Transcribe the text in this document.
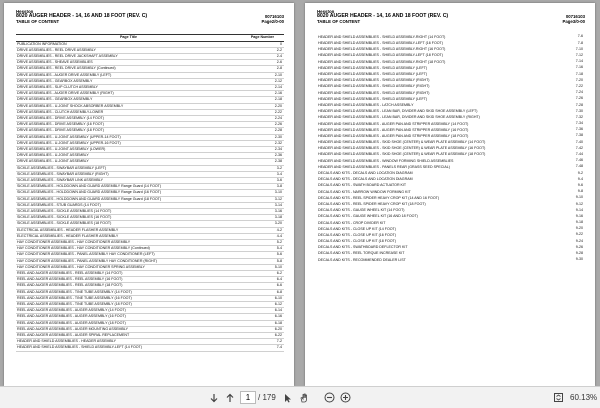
Hesston
8020 AUGER HEADER - 14, 16 AND 18 FOOT (REV. C)	00716103
TABLE OF CONTENT	Page2/0-00
Page Title	Page Number
PUBLICATION INFORMATION	0
DRIVE ASSEMBLIES - REEL DRIVE ASSEMBLY	2-2
DRIVE ASSEMBLIES - REEL DRIVE JACKSHAFT ASSEMBLY	2-4
DRIVE ASSEMBLIES - SHEAVE ASSEMBLIES	2-6
DRIVE ASSEMBLIES - REEL DRIVE ASSEMBLY (Continued)	2-8
DRIVE ASSEMBLIES - AUGER DRIVE ASSEMBLY (LEFT)	2-10
DRIVE ASSEMBLIES - GEARBOX ASSEMBLY	2-12
DRIVE ASSEMBLIES - SLIP CLUTCH ASSEMBLY	2-14
DRIVE ASSEMBLIES - AUGER DRIVE ASSEMBLY (RIGHT)	2-16
DRIVE ASSEMBLIES - GEARBOX ASSEMBLY	2-18
DRIVE ASSEMBLIES - U-JOINT SHOCK ABSORBER ASSEMBLY	2-20
DRIVE ASSEMBLIES - CLUTCH ASSEMBLY-LOWER	2-22
DRIVE ASSEMBLIES - DRIVE ASSEMBLY (14 FOOT)	2-24
DRIVE ASSEMBLIES - DRIVE ASSEMBLY (16 FOOT)	2-26
DRIVE ASSEMBLIES - DRIVE ASSEMBLY (18 FOOT)	2-28
DRIVE ASSEMBLIES - U-JOINT ASSEMBLY (UPPER-14 FOOT)	2-30
DRIVE ASSEMBLIES - U-JOINT ASSEMBLY (UPPER-16 FOOT)	2-32
DRIVE ASSEMBLIES - U-JOINT ASSEMBLY (LOWER)	2-34
DRIVE ASSEMBLIES - U-JOINT ASSEMBLY	2-36
DRIVE ASSEMBLIES - U-JOINT ASSEMBLY	2-38
SICKLE ASSEMBLIES - SWAYBAR ASSEMBLY (LEFT)	3-2
SICKLE ASSEMBLIES - SWAYBAR ASSEMBLY (RIGHT)	3-4
SICKLE ASSEMBLIES - SWAYBAR LINK ASSEMBLY	3-6
SICKLE ASSEMBLIES - HOLDDOWN AND GUARD ASSEMBLY Range Guard (14 FOOT)	3-8
SICKLE ASSEMBLIES - HOLDDOWN AND GUARD ASSEMBLY Range Guard (16 FOOT)	3-10
SICKLE ASSEMBLIES - HOLDDOWN AND GUARD ASSEMBLY Range Guard (18 FOOT)	3-12
SICKLE ASSEMBLIES - STUB GUARDS (14 FOOT)	3-14
SICKLE ASSEMBLIES - SICKLE ASSEMBLIES (14 FOOT)	3-16
SICKLE ASSEMBLIES - SICKLE ASSEMBLIES (16 FOOT)	3-18
SICKLE ASSEMBLIES - SICKLE ASSEMBLIES (18 FOOT)	3-20
ELECTRICAL ASSEMBLIES - HEADER FLASHER ASSEMBLY	4-2
ELECTRICAL ASSEMBLIES - HEADER FLASHER ASSEMBLY	4-4
HAY CONDITIONER ASSEMBLIES - HAY CONDITIONER ASSEMBLY	5-2
HAY CONDITIONER ASSEMBLIES - HAY CONDITIONER ASSEMBLY (Continued)	5-4
HAY CONDITIONER ASSEMBLIES - PANEL ASSEMBLY HAY CONDITIONER (LEFT)	5-6
HAY CONDITIONER ASSEMBLIES - PANEL ASSEMBLY HAY CONDITIONER (RIGHT)	5-8
HAY CONDITIONER ASSEMBLIES - HAY CONDITIONER SPRING ASSEMBLY	5-10
REEL AND AUGER ASSEMBLIES - REEL ASSEMBLY (14 FOOT)	6-2
REEL AND AUGER ASSEMBLIES - REEL ASSEMBLY (16 FOOT)	6-4
REEL AND AUGER ASSEMBLIES - REEL ASSEMBLY (18 FOOT)	6-6
REEL AND AUGER ASSEMBLIES - TINE TUBE ASSEMBLY (14 FOOT)	6-8
REEL AND AUGER ASSEMBLIES - TINE TUBE ASSEMBLY (16 FOOT)	6-10
REEL AND AUGER ASSEMBLIES - TINE TUBE ASSEMBLY (18 FOOT)	6-12
REEL AND AUGER ASSEMBLIES - AUGER ASSEMBLY (14 FOOT)	6-14
REEL AND AUGER ASSEMBLIES - AUGER ASSEMBLY (16 FOOT)	6-16
REEL AND AUGER ASSEMBLIES - AUGER ASSEMBLY (18 FOOT)	6-18
REEL AND AUGER ASSEMBLIES - AUGER MOUNTING ASSEMBLY	6-20
REEL AND AUGER ASSEMBLIES - AUGER SPIRAL REPLACEMENT	6-22
HEADER AND SHIELD ASSEMBLIES - HEADER ASSEMBLY	7-2
HEADER AND SHIELD ASSEMBLIES - SHIELD ASSEMBLY-LEFT (14 FOOT)	7-4
Hesston
8020 AUGER HEADER - 14, 16 AND 18 FOOT (REV. C)	00716103
TABLE OF CONTENT	Page3/0-00
HEADER AND SHIELD ASSEMBLIES - SHIELD ASSEMBLY-RIGHT (14 FOOT)	7-6
HEADER AND SHIELD ASSEMBLIES - SHIELD ASSEMBLY-LEFT (16 FOOT)	7-8
HEADER AND SHIELD ASSEMBLIES - SHIELD ASSEMBLY-RIGHT (16 FOOT)	7-10
HEADER AND SHIELD ASSEMBLIES - SHIELD ASSEMBLY-LEFT (18 FOOT)	7-12
HEADER AND SHIELD ASSEMBLIES - SHIELD ASSEMBLY-RIGHT (18 FOOT)	7-14
HEADER AND SHIELD ASSEMBLIES - SHIELD ASSEMBLY (LEFT)	7-16
HEADER AND SHIELD ASSEMBLIES - SHIELD ASSEMBLY (LEFT)	7-18
HEADER AND SHIELD ASSEMBLIES - SHIELD ASSEMBLY (RIGHT)	7-20
HEADER AND SHIELD ASSEMBLIES - SHIELD ASSEMBLY (RIGHT)	7-22
HEADER AND SHIELD ASSEMBLIES - SHIELD ASSEMBLY (RIGHT)	7-24
HEADER AND SHIELD ASSEMBLIES - SHIELD ASSEMBLY (LEFT)	7-26
HEADER AND SHIELD ASSEMBLIES - LATCH ASSEMBLY	7-28
HEADER AND SHIELD ASSEMBLIES - LEAN BAR, DIVIDER AND SKID SHOE ASSEMBLY (LEFT)	7-30
HEADER AND SHIELD ASSEMBLIES - LEAN BAR, DIVIDER AND SKID SHOE ASSEMBLY (RIGHT)	7-32
HEADER AND SHIELD ASSEMBLIES - AUGER PAN AND STRIPPER ASSEMBLY (14 FOOT)	7-34
HEADER AND SHIELD ASSEMBLIES - AUGER PAN AND STRIPPER ASSEMBLY (16 FOOT)	7-36
HEADER AND SHIELD ASSEMBLIES - AUGER PAN AND STRIPPER ASSEMBLY (18 FOOT)	7-38
HEADER AND SHIELD ASSEMBLIES - SKID SHOE (CENTER) & WEAR PLATE ASSEMBLY (14 FOOT)	7-40
HEADER AND SHIELD ASSEMBLIES - SKID SHOE (CENTER) & WEAR PLATE ASSEMBLY (16 FOOT)	7-42
HEADER AND SHIELD ASSEMBLIES - SKID SHOE (CENTER) & WEAR PLATE ASSEMBLY (18 FOOT)	7-44
HEADER AND SHIELD ASSEMBLIES - WINDOW FORMING SHIELD ASSEMBLIES	7-46
HEADER AND SHIELD ASSEMBLIES - PANELS REAR (GRASS SEED SPECIAL)	7-48
DECALS AND KITS - DECALS AND LOCATION DIAGRAM	9-2
DECALS AND KITS - DECALS AND LOCATION DIAGRAM	9-4
DECALS AND KITS - SWATH BOARD ACTUATOR KIT	9-6
DECALS AND KITS - NARROW WINDOW FORMING KIT	9-8
DECALS AND KITS - REEL SPIDER HEAVY CROP KIT (14 AND 16 FOOT)	9-10
DECALS AND KITS - REEL SPIDER HEAVY CROP KIT (18 FOOT)	9-12
DECALS AND KITS - GAUGE WHEEL KIT (14 FOOT)	9-14
DECALS AND KITS - GAUGE WHEEL KIT (16 AND 18 FOOT)	9-16
DECALS AND KITS - CROP DIVIDER KIT	9-18
DECALS AND KITS - CLOSE UP KIT (14 FOOT)	9-20
DECALS AND KITS - CLOSE UP KIT (16 FOOT)	9-22
DECALS AND KITS - CLOSE UP KIT (18 FOOT)	9-24
DECALS AND KITS - SWATHBOARD DEFLECTOR KIT	9-26
DECALS AND KITS - REEL TORQUE INCREASE KIT	9-28
DECALS AND KITS - RECOMMENDED DEALER LIST	9-30
1
/ 179	60.13%
